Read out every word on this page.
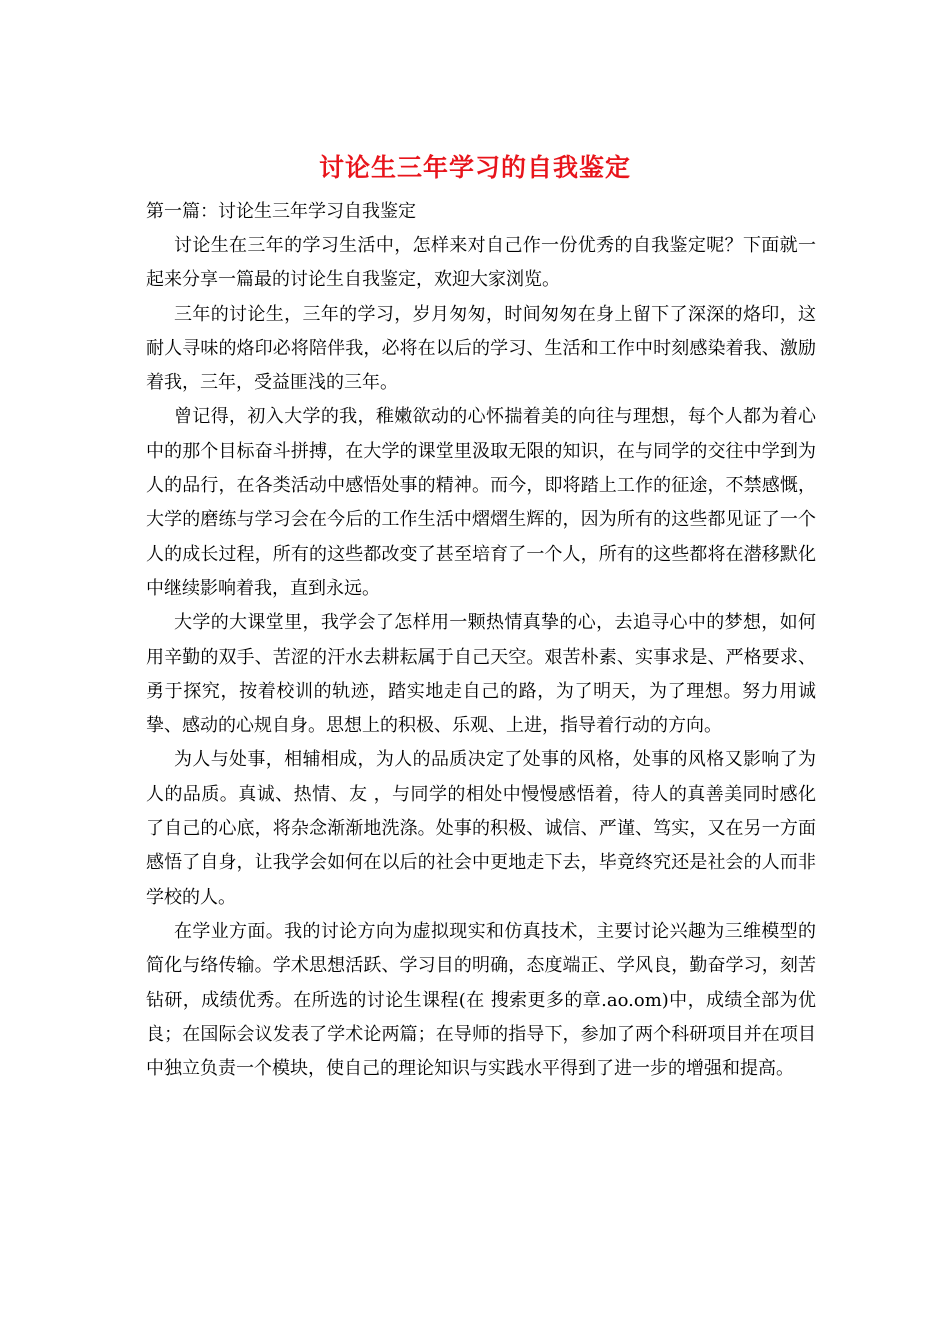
讨论生三年学习的自我鉴定
第一篇：讨论生三年学习自我鉴定

讨论生在三年的学习生活中，怎样来对自己作一份优秀的自我鉴定呢？下面就一起来分享一篇最的讨论生自我鉴定，欢迎大家浏览。

三年的讨论生，三年的学习，岁月匆匆，时间匆匆在身上留下了深深的烙印，这耐人寻味的烙印必将陪伴我，必将在以后的学习、生活和工作中时刻感染着我、激励着我，三年，受益匪浅的三年。

曾记得，初入大学的我，稚嫩欲动的心怀揣着美的向往与理想，每个人都为着心中的那个目标奋斗拼搏，在大学的课堂里汲取无限的知识，在与同学的交往中学到为人的品行，在各类活动中感悟处事的精神。而今，即将踏上工作的征途，不禁感慨，大学的磨练与学习会在今后的工作生活中熠熠生辉的，因为所有的这些都见证了一个人的成长过程，所有的这些都改变了甚至培育了一个人，所有的这些都将在潜移默化中继续影响着我，直到永远。

大学的大课堂里，我学会了怎样用一颗热情真挚的心，去追寻心中的梦想，如何用辛勤的双手、苦涩的汗水去耕耘属于自己天空。艰苦朴素、实事求是、严格要求、勇于探究，按着校训的轨迹，踏实地走自己的路，为了明天，为了理想。努力用诚挚、感动的心规自身。思想上的积极、乐观、上进，指导着行动的方向。

为人与处事，相辅相成，为人的品质决定了处事的风格，处事的风格又影响了为人的品质。真诚、热情、友 ，与同学的相处中慢慢感悟着，待人的真善美同时感化了自己的心底，将杂念渐渐地洗涤。处事的积极、诚信、严谨、笃实，又在另一方面感悟了自身，让我学会如何在以后的社会中更地走下去，毕竟终究还是社会的人而非学校的人。

在学业方面。我的讨论方向为虚拟现实和仿真技术，主要讨论兴趣为三维模型的简化与络传输。学术思想活跃、学习目的明确，态度端正、学风良，勤奋学习，刻苦钻研，成绩优秀。在所选的讨论生课程(在 搜索更多的章.ao.om)中，成绩全部为优良；在国际会议发表了学术论两篇；在导师的指导下，参加了两个科研项目并在项目中独立负责一个模块，使自己的理论知识与实践水平得到了进一步的增强和提高。
